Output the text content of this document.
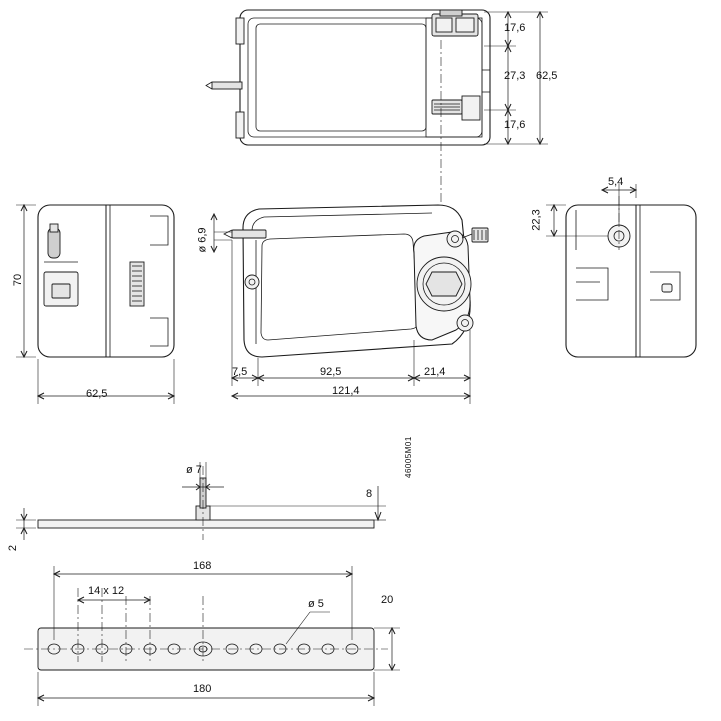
17,6
27,3
17,6
62,5
70
62,5
ø 6,9
7,5	92,5	21,4
121,4
5,4
22,3
ø 7
8
2
168
14 x 12
ø 5	20
180
46005M01
